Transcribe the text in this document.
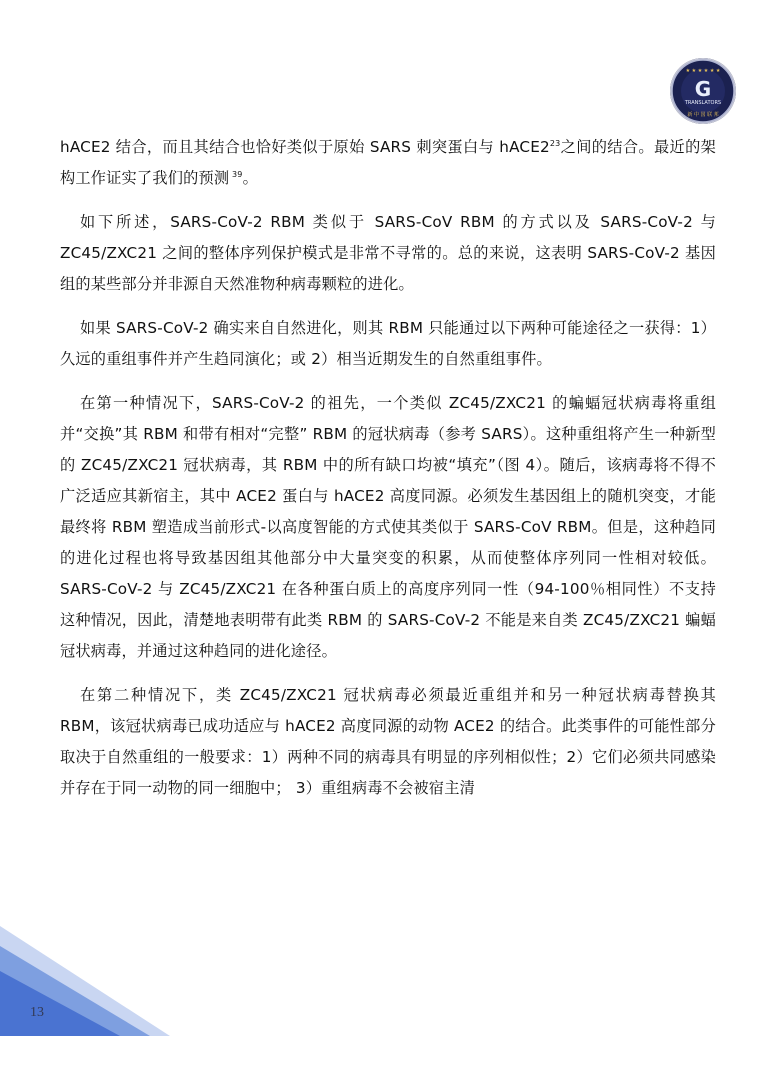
★ ★ ★ ★ ★ ★
G
TRANSLATORS
新 中 国 联 邦

hACE2 结合，而且其结合也恰好类似于原始 SARS 刺突蛋白与 $hACE2^{23}$之间的结合。最近的架构工作证实了我们的预测 $^{39}$。

如下所述，SARS-CoV-2 RBM 类似于 SARS-CoV RBM 的方式以及 SARS-CoV-2 与 ZC45/ZXC21 之间的整体序列保护模式是非常不寻常的。总的来说，这表明 SARS-CoV-2 基因组的某些部分并非源自天然准物种病毒颗粒的进化。

如果 SARS-CoV-2 确实来自自然进化，则其 RBM 只能通过以下两种可能途径之一获得：1）久远的重组事件并产生趋同演化；或 2）相当近期发生的自然重组事件。

在第一种情况下，SARS-CoV-2 的祖先，一个类似 ZC45/ZXC21 的蝙蝠冠状病毒将重组并“交换”其 RBM 和带有相对“完整” RBM 的冠状病毒（参考 SARS）。这种重组将产生一种新型的 ZC45/ZXC21 冠状病毒，其 RBM 中的所有缺口均被“填充”（图 4）。随后，该病毒将不得不广泛适应其新宿主，其中 ACE2 蛋白与 hACE2 高度同源。必须发生基因组上的随机突变，才能最终将 RBM 塑造成当前形式-以高度智能的方式使其类似于 SARS-CoV RBM。但是，这种趋同的进化过程也将导致基因组其他部分中大量突变的积累，从而使整体序列同一性相对较低。SARS-CoV-2 与 ZC45/ZXC21 在各种蛋白质上的高度序列同一性（94-100％相同性）不支持这种情况，因此，清楚地表明带有此类 RBM 的 SARS-CoV-2 不能是来自类 ZC45/ZXC21 蝙蝠冠状病毒，并通过这种趋同的进化途径。

在第二种情况下，类 ZC45/ZXC21 冠状病毒必须最近重组并和另一种冠状病毒替换其 RBM，该冠状病毒已成功适应与 hACE2 高度同源的动物 ACE2 的结合。此类事件的可能性部分取决于自然重组的一般要求：1）两种不同的病毒具有明显的序列相似性；2）它们必须共同感染并存在于同一动物的同一细胞中； 3）重组病毒不会被宿主清

13
